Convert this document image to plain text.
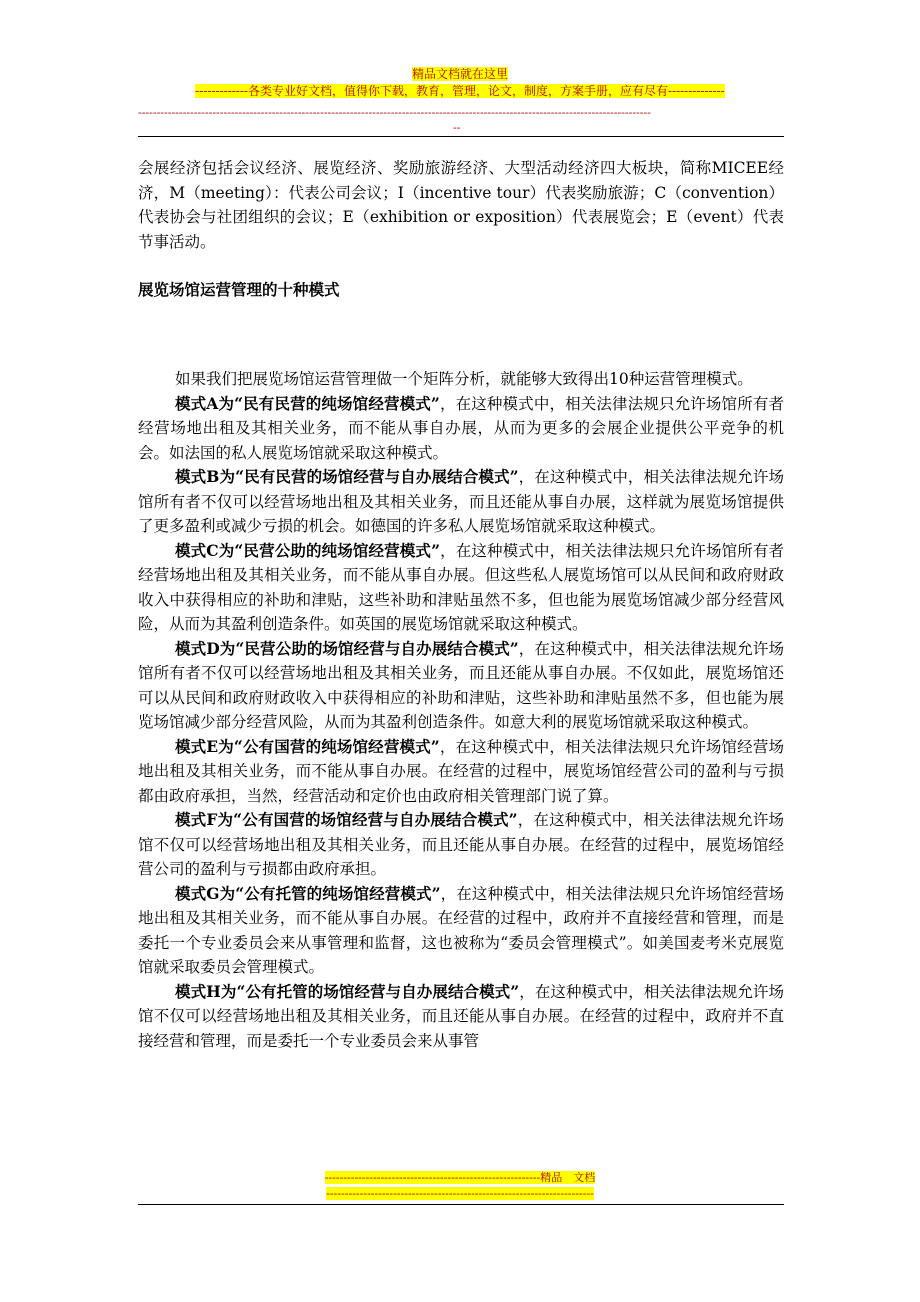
精品文档就在这里
-------------各类专业好文档，值得你下载，教育，管理，论文，制度，方案手册，应有尽有--------------
------------------------------------------------------------------------------------------------------------------------------------------
--

会展经济包括会议经济、展览经济、奖励旅游经济、大型活动经济四大板块，简称MICEE经济，M（meeting）：代表公司会议；I（incentive tour）代表奖励旅游；C（convention）代表协会与社团组织的会议；E（exhibition or exposition）代表展览会；E（event）代表节事活动。

展览场馆运营管理的十种模式

如果我们把展览场馆运营管理做一个矩阵分析，就能够大致得出10种运营管理模式。

模式A为“民有民营的纯场馆经营模式”，在这种模式中，相关法律法规只允许场馆所有者经营场地出租及其相关业务，而不能从事自办展，从而为更多的会展企业提供公平竞争的机会。如法国的私人展览场馆就采取这种模式。

模式B为“民有民营的场馆经营与自办展结合模式”，在这种模式中，相关法律法规允许场馆所有者不仅可以经营场地出租及其相关业务，而且还能从事自办展，这样就为展览场馆提供了更多盈利或减少亏损的机会。如德国的许多私人展览场馆就采取这种模式。

模式C为“民营公助的纯场馆经营模式”，在这种模式中，相关法律法规只允许场馆所有者经营场地出租及其相关业务，而不能从事自办展。但这些私人展览场馆可以从民间和政府财政收入中获得相应的补助和津贴，这些补助和津贴虽然不多，但也能为展览场馆减少部分经营风险，从而为其盈利创造条件。如英国的展览场馆就采取这种模式。

模式D为“民营公助的场馆经营与自办展结合模式”，在这种模式中，相关法律法规允许场馆所有者不仅可以经营场地出租及其相关业务，而且还能从事自办展。不仅如此，展览场馆还可以从民间和政府财政收入中获得相应的补助和津贴，这些补助和津贴虽然不多，但也能为展览场馆减少部分经营风险，从而为其盈利创造条件。如意大利的展览场馆就采取这种模式。

模式E为“公有国营的纯场馆经营模式”，在这种模式中，相关法律法规只允许场馆经营场地出租及其相关业务，而不能从事自办展。在经营的过程中，展览场馆经营公司的盈利与亏损都由政府承担，当然，经营活动和定价也由政府相关管理部门说了算。

模式F为“公有国营的场馆经营与自办展结合模式”，在这种模式中，相关法律法规允许场馆不仅可以经营场地出租及其相关业务，而且还能从事自办展。在经营的过程中，展览场馆经营公司的盈利与亏损都由政府承担。

模式G为“公有托管的纯场馆经营模式”，在这种模式中，相关法律法规只允许场馆经营场地出租及其相关业务，而不能从事自办展。在经营的过程中，政府并不直接经营和管理，而是委托一个专业委员会来从事管理和监督，这也被称为“委员会管理模式”。如美国麦考米克展览馆就采取委员会管理模式。

模式H为“公有托管的场馆经营与自办展结合模式”，在这种模式中，相关法律法规允许场馆不仅可以经营场地出租及其相关业务，而且还能从事自办展。在经营的过程中，政府并不直接经营和管理，而是委托一个专业委员会来从事管

----------------------------------------------------------精品　文档
------------------------------------------------------------------------
